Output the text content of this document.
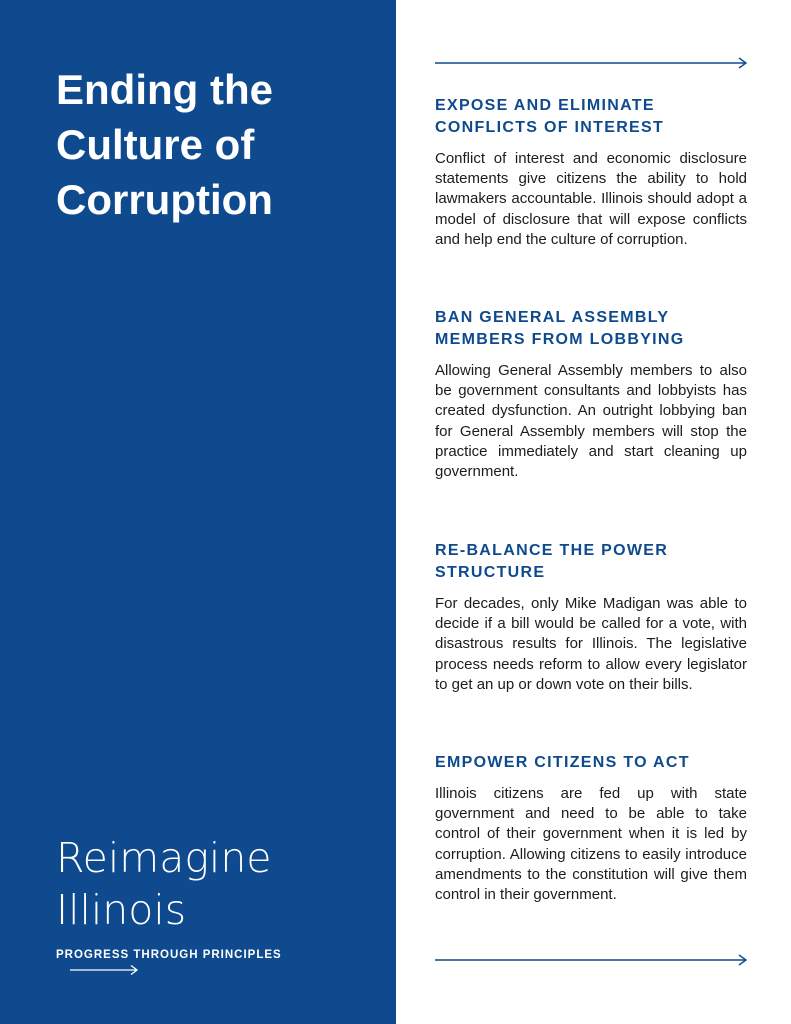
Ending the
Culture of
Corruption
Reimagine
Illinois
PROGRESS THROUGH PRINCIPLES
EXPOSE AND ELIMINATE CONFLICTS OF INTEREST

Conflict of interest and economic disclosure statements give citizens the ability to hold lawmakers accountable. Illinois should adopt a model of disclosure that will expose conflicts and help end the culture of corruption.

BAN GENERAL ASSEMBLY MEMBERS FROM LOBBYING

Allowing General Assembly members to also be government consultants and lobbyists has created dysfunction. An outright lobbying ban for General Assembly members will stop the practice immediately and start cleaning up government.

RE-BALANCE THE POWER STRUCTURE

For decades, only Mike Madigan was able to decide if a bill would be called for a vote, with disastrous results for Illinois. The legislative process needs reform to allow every legislator to get an up or down vote on their bills.

EMPOWER CITIZENS TO ACT

Illinois citizens are fed up with state government and need to be able to take control of their government when it is led by corruption. Allowing citizens to easily introduce amendments to the constitution will give them control in their government.
